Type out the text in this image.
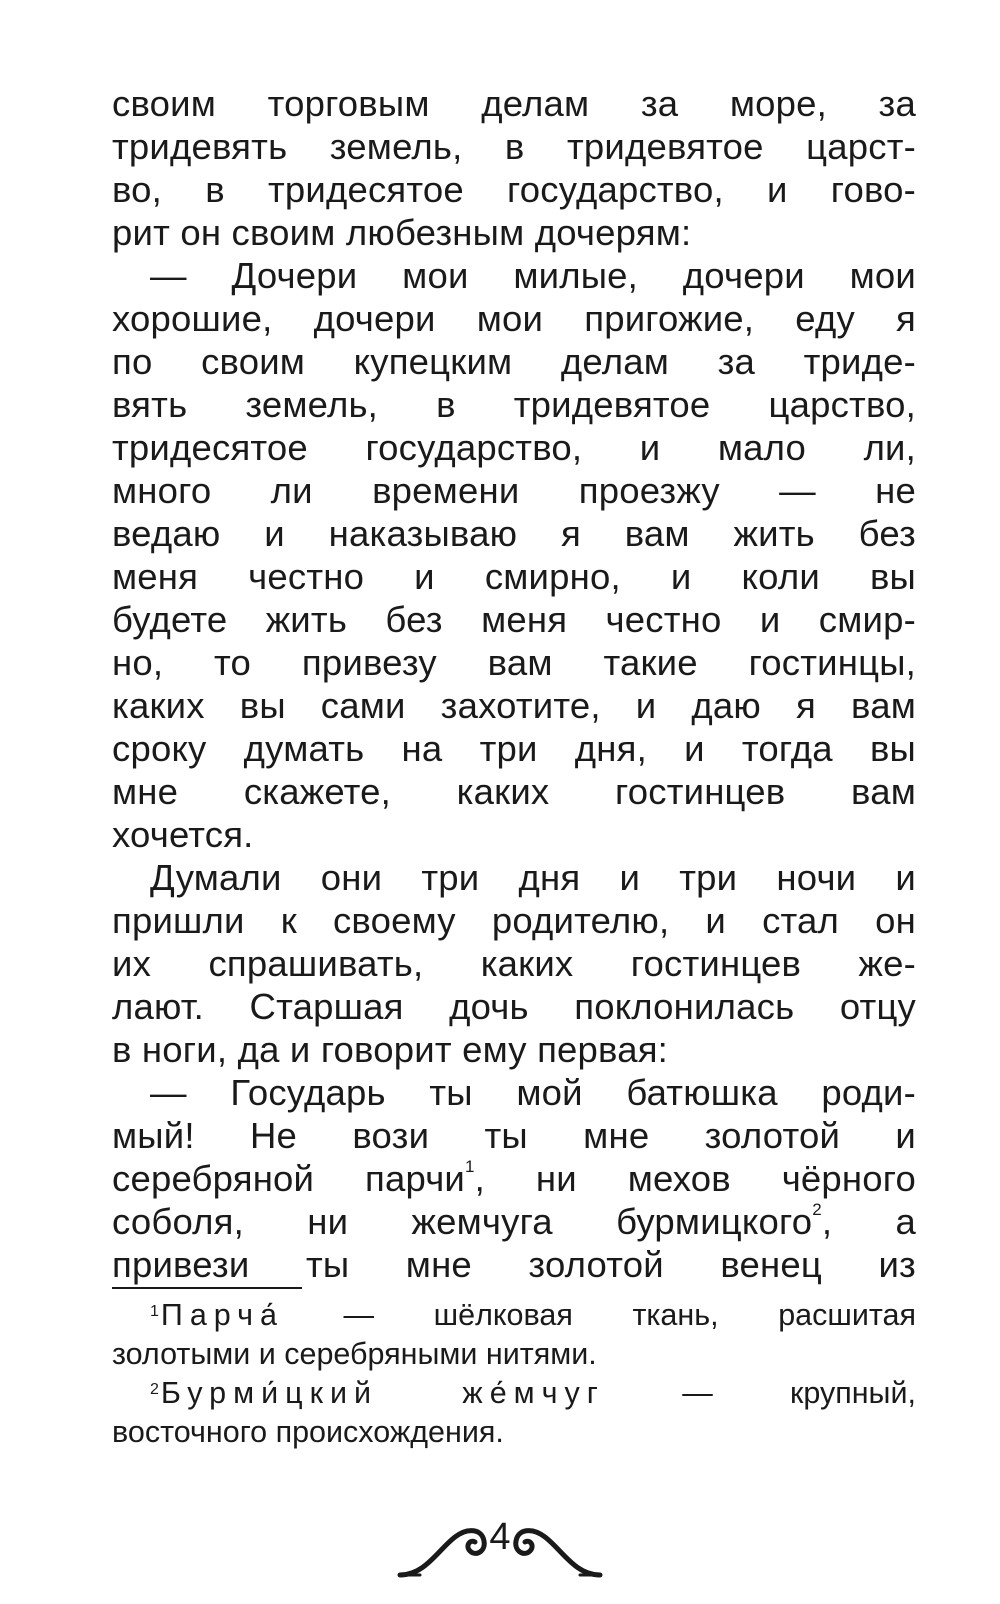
своим торговым делам за море, за
тридевять земель, в тридевятое царст-
во, в тридесятое государство, и гово-
рит он своим любезным дочерям:
— Дочери мои милые, дочери мои
хорошие, дочери мои пригожие, еду я
по своим купецким делам за триде-
вять земель, в тридевятое царство,
тридесятое государство, и мало ли,
много ли времени проезжу — не
ведаю и наказываю я вам жить без
меня честно и смирно, и коли вы
будете жить без меня честно и смир-
но, то привезу вам такие гостинцы,
каких вы сами захотите, и даю я вам
сроку думать на три дня, и тогда вы
мне скажете, каких гостинцев вам
хочется.
Думали они три дня и три ночи и
пришли к своему родителю, и стал он
их спрашивать, каких гостинцев же-
лают. Старшая дочь поклонилась отцу
в ноги, да и говорит ему первая:
— Государь ты мой батюшка роди-
мый! Не вози ты мне золотой и
серебряной парчи$^1$, ни мехов чёрного
соболя, ни жемчуга бурмицкого$^2$, а
привези ты мне золотой венец из
$^1$Парча́ — шёлковая ткань, расшитая
золотыми и серебряными нитями.
$^2$Бурми́цкий же́мчуг — крупный,
восточного происхождения.
4
